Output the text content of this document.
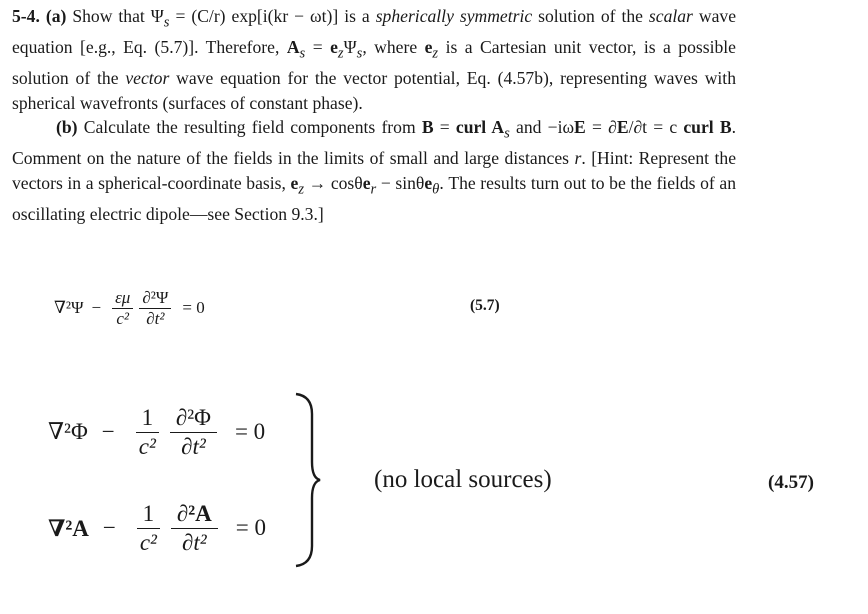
5-4. (a) Show that $\Psi_s = (C/r) \exp[i(kr - \omega t)]$ is a spherically symmetric solution of the scalar wave equation [e.g., Eq. (5.7)]. Therefore, $A_s = e_z\Psi_s$, where $e_z$ is a Cartesian unit vector, is a possible solution of the vector wave equation for the vector potential, Eq. (4.57b), representing waves with spherical wavefronts (surfaces of constant phase).

(b) Calculate the resulting field components from B = curl $A_s$ and −iωE = ∂E/∂t = c curl B. Comment on the nature of the fields in the limits of small and large distances r. [Hint: Represent the vectors in a spherical-coordinate basis, $e_z \to \cos\theta e_r - \sin\theta e_\theta$. The results turn out to be the fields of an oscillating electric dipole—see Section 9.3.]

$\nabla^2\Psi - \frac{\varepsilon\mu}{\text{c²}} \frac{\text{∂²Ψ}}{\text{∂t²}} = 0$	(5.7)
$\nabla^2\Phi - \frac{1}{\text{c²}} \frac{\text{∂²Φ}}{\text{∂t²}} = 0$
$\nabla^2A - \frac{1}{\text{c²}} \frac{\text{∂²A}}{\text{∂t²}} = 0$
(no local sources)	(4.57)
